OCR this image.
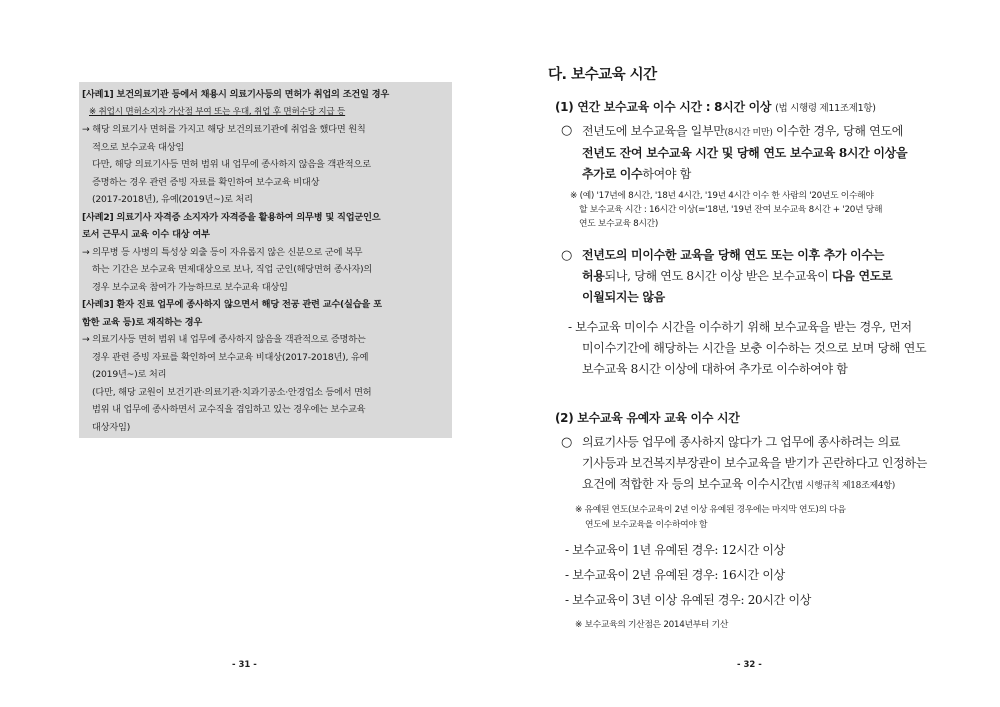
[사례1] 보건의료기관 등에서 채용시 의료기사등의 면허가 취업의 조건일 경우
※ 취업시 면허소지자 가산점 부여 또는 우대, 취업 후 면허수당 지급 등
→ 해당 의료기사 면허를 가지고 해당 보건의료기관에 취업을 했다면 원칙
적으로 보수교육 대상임
다만, 해당 의료기사등 면허 범위 내 업무에 종사하지 않음을 객관적으로
증명하는 경우 관련 증빙 자료를 확인하여 보수교육 비대상
(2017-2018년), 유예(2019년~)로 처리
[사례2] 의료기사 자격증 소지자가 자격증을 활용하여 의무병 및 직업군인으
로서 근무시 교육 이수 대상 여부
→ 의무병 등 사병의 특성상 외출 등이 자유롭지 않은 신분으로 군에 복무
하는 기간은 보수교육 면제대상으로 보나, 직업 군인(해당면허 종사자)의
경우 보수교육 참여가 가능하므로 보수교육 대상임
[사례3] 환자 진료 업무에 종사하지 않으면서 해당 전공 관련 교수(실습을 포
함한 교육 등)로 재직하는 경우
→ 의료기사등 면허 범위 내 업무에 종사하지 않음을 객관적으로 증명하는
경우 관련 증빙 자료를 확인하여 보수교육 비대상(2017-2018년), 유예
(2019년~)로 처리
(다만, 해당 교원이 보건기관·의료기관·치과기공소·안경업소 등에서 면허
범위 내 업무에 종사하면서 교수직을 겸임하고 있는 경우에는 보수교육
대상자임)
- 31 -
다. 보수교육 시간
(1) 연간 보수교육 이수 시간 : 8시간 이상 (법 시행령 제11조제1항)
○ 전년도에 보수교육을 일부만(8시간 미만) 이수한 경우, 당해 연도에
전년도 잔여 보수교육 시간 및 당해 연도 보수교육 8시간 이상을
추가로 이수하여야 함
※ (예) '17년에 8시간, '18년 4시간, '19년 4시간 이수 한 사람의 '20년도 이수해야
할 보수교육 시간 : 16시간 이상(='18년, '19년 잔여 보수교육 8시간 + '20년 당해
연도 보수교육 8시간)
○ 전년도의 미이수한 교육을 당해 연도 또는 이후 추가 이수는
허용되나, 당해 연도 8시간 이상 받은 보수교육이 다음 연도로
이월되지는 않음
- 보수교육 미이수 시간을 이수하기 위해 보수교육을 받는 경우, 먼저
미이수기간에 해당하는 시간을 보충 이수하는 것으로 보며 당해 연도
보수교육 8시간 이상에 대하여 추가로 이수하여야 함
(2) 보수교육 유예자 교육 이수 시간
○ 의료기사등 업무에 종사하지 않다가 그 업무에 종사하려는 의료
기사등과 보건복지부장관이 보수교육을 받기가 곤란하다고 인정하는
요건에 적합한 자 등의 보수교육 이수시간(법 시행규칙 제18조제4항)
※ 유예된 연도(보수교육이 2년 이상 유예된 경우에는 마지막 연도)의 다음
연도에 보수교육을 이수하여야 함
- 보수교육이 1년 유예된 경우: 12시간 이상
- 보수교육이 2년 유예된 경우: 16시간 이상
- 보수교육이 3년 이상 유예된 경우: 20시간 이상
※ 보수교육의 기산점은 2014년부터 기산
- 32 -
